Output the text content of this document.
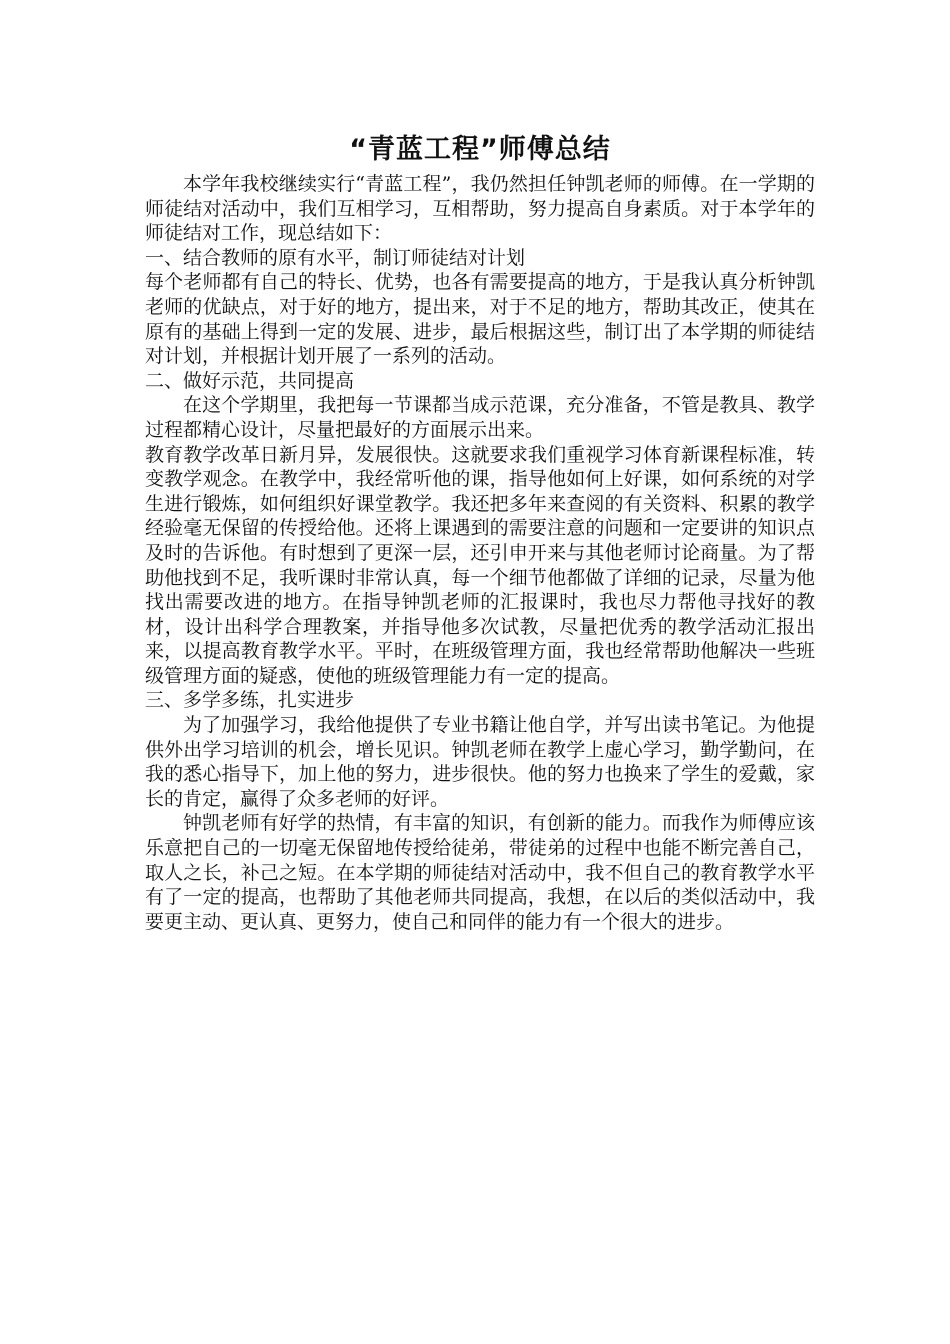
“青蓝工程”师傅总结

本学年我校继续实行“青蓝工程”，我仍然担任钟凯老师的师傅。在一学期的师徒结对活动中，我们互相学习，互相帮助，努力提高自身素质。对于本学年的师徒结对工作，现总结如下：

一、结合教师的原有水平，制订师徒结对计划

每个老师都有自己的特长、优势，也各有需要提高的地方，于是我认真分析钟凯老师的优缺点，对于好的地方，提出来，对于不足的地方，帮助其改正，使其在原有的基础上得到一定的发展、进步，最后根据这些，制订出了本学期的师徒结对计划，并根据计划开展了一系列的活动。

二、做好示范，共同提高

在这个学期里，我把每一节课都当成示范课，充分准备，不管是教具、教学过程都精心设计，尽量把最好的方面展示出来。

教育教学改革日新月异，发展很快。这就要求我们重视学习体育新课程标准，转变教学观念。在教学中，我经常听他的课，指导他如何上好课，如何系统的对学生进行锻炼，如何组织好课堂教学。我还把多年来查阅的有关资料、积累的教学经验毫无保留的传授给他。还将上课遇到的需要注意的问题和一定要讲的知识点及时的告诉他。有时想到了更深一层，还引申开来与其他老师讨论商量。为了帮助他找到不足，我听课时非常认真，每一个细节他都做了详细的记录，尽量为他找出需要改进的地方。在指导钟凯老师的汇报课时，我也尽力帮他寻找好的教材，设计出科学合理教案，并指导他多次试教，尽量把优秀的教学活动汇报出来，以提高教育教学水平。平时，在班级管理方面，我也经常帮助他解决一些班级管理方面的疑惑，使他的班级管理能力有一定的提高。

三、多学多练，扎实进步

为了加强学习，我给他提供了专业书籍让他自学，并写出读书笔记。为他提供外出学习培训的机会，增长见识。钟凯老师在教学上虚心学习，勤学勤问，在我的悉心指导下，加上他的努力，进步很快。他的努力也换来了学生的爱戴，家长的肯定，赢得了众多老师的好评。

钟凯老师有好学的热情，有丰富的知识，有创新的能力。而我作为师傅应该乐意把自己的一切毫无保留地传授给徒弟，带徒弟的过程中也能不断完善自己，取人之长，补己之短。在本学期的师徒结对活动中，我不但自己的教育教学水平有了一定的提高，也帮助了其他老师共同提高，我想，在以后的类似活动中，我要更主动、更认真、更努力，使自己和同伴的能力有一个很大的进步。
